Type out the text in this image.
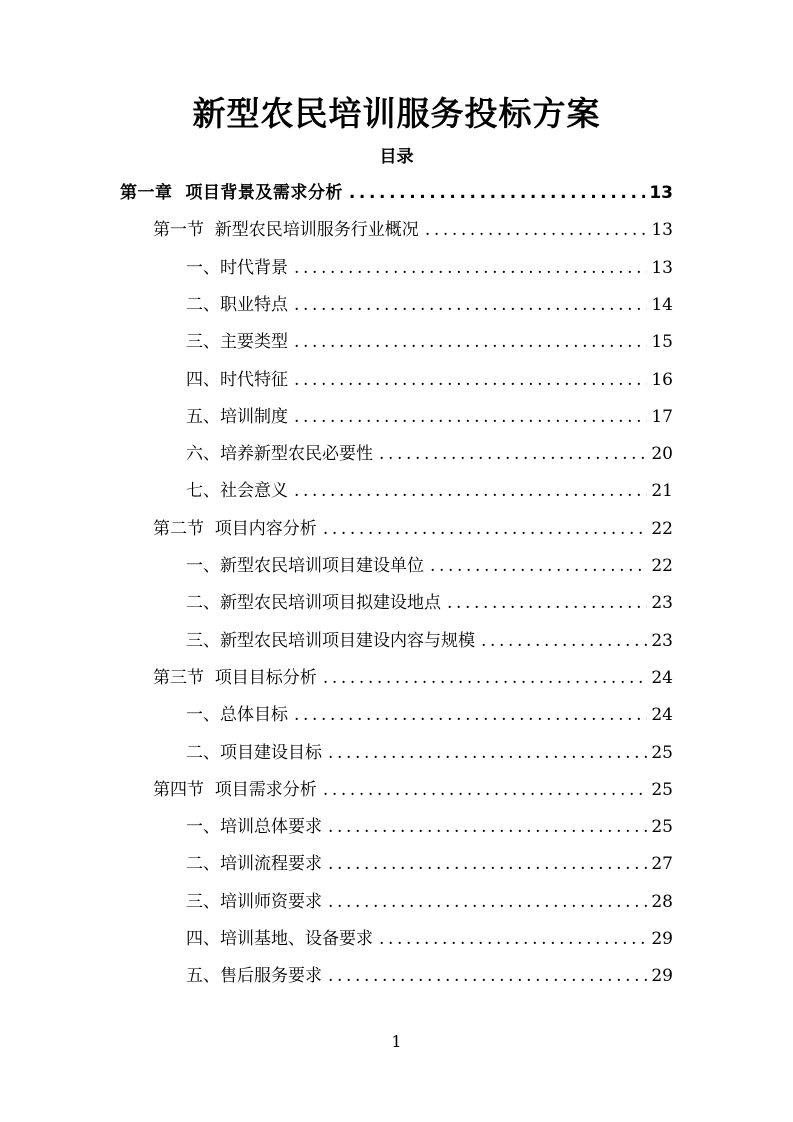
新型农民培训服务投标方案
目录
第一章  项目背景及需求分析 .....	13
第一节  新型农民培训服务行业概况 .....	13
一、时代背景 .....	13
二、职业特点 .....	14
三、主要类型 .....	15
四、时代特征 .....	16
五、培训制度 .....	17
六、培养新型农民必要性 .....	20
七、社会意义 .....	21
第二节  项目内容分析 .....	22
一、新型农民培训项目建设单位 .....	22
二、新型农民培训项目拟建设地点 .....	23
三、新型农民培训项目建设内容与规模 .....	23
第三节  项目目标分析 .....	24
一、总体目标 .....	24
二、项目建设目标 .....	25
第四节  项目需求分析 .....	25
一、培训总体要求 .....	25
二、培训流程要求 .....	27
三、培训师资要求 .....	28
四、培训基地、设备要求 .....	29
五、售后服务要求 .....	29
1
